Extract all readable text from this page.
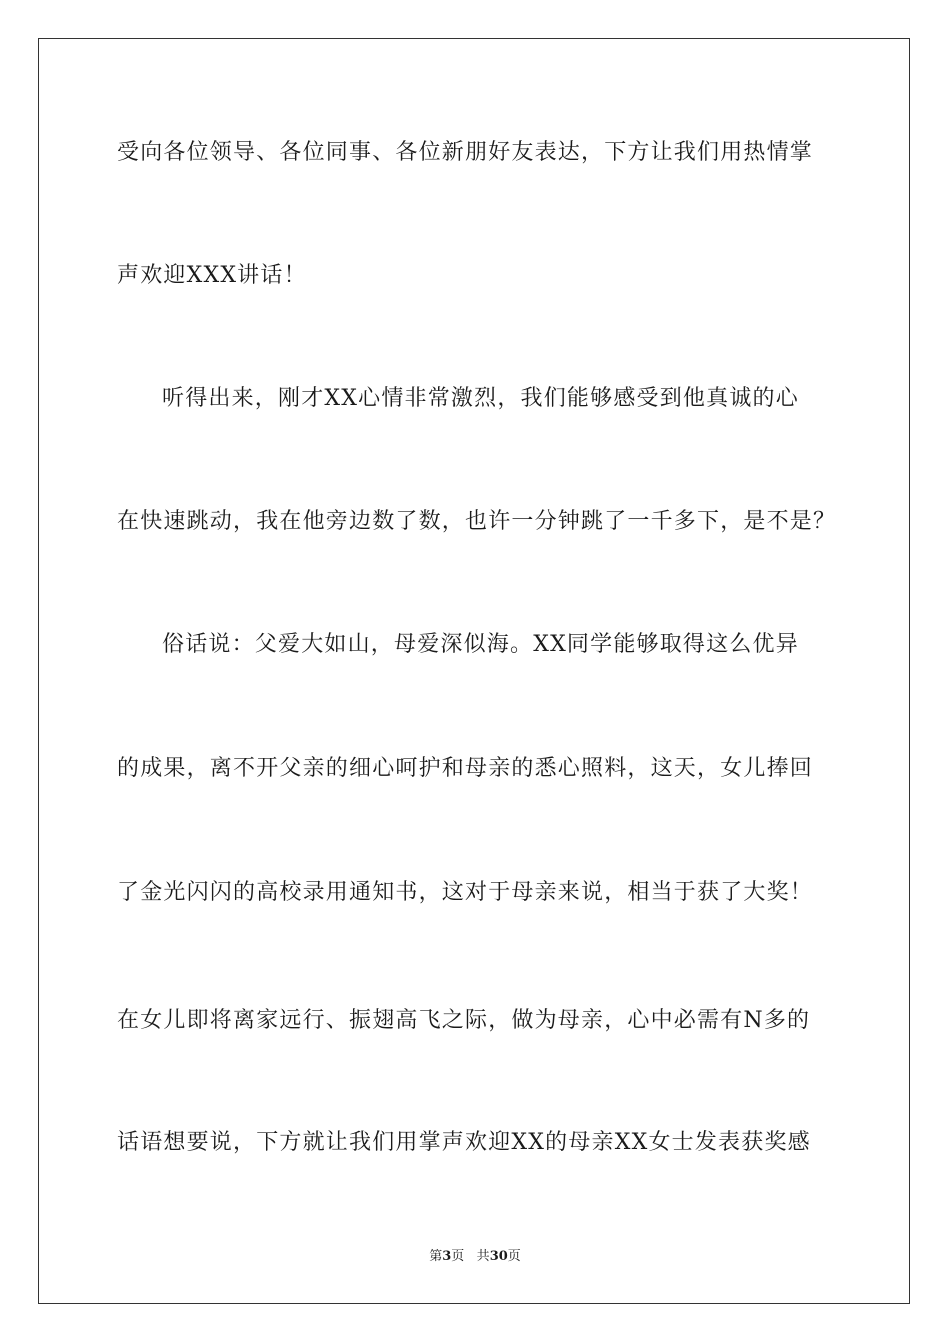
受向各位领导、各位同事、各位新朋好友表达，下方让我们用热情掌
声欢迎XXX讲话！
听得出来，刚才XX心情非常激烈，我们能够感受到他真诚的心
在快速跳动，我在他旁边数了数，也许一分钟跳了一千多下，是不是？
俗话说：父爱大如山，母爱深似海。XX同学能够取得这么优异
的成果，离不开父亲的细心呵护和母亲的悉心照料，这天，女儿捧回
了金光闪闪的高校录用通知书，这对于母亲来说，相当于获了大奖！
在女儿即将离家远行、振翅高飞之际，做为母亲，心中必需有N多的
话语想要说，下方就让我们用掌声欢迎XX的母亲XX女士发表获奖感
第3页 共30页
